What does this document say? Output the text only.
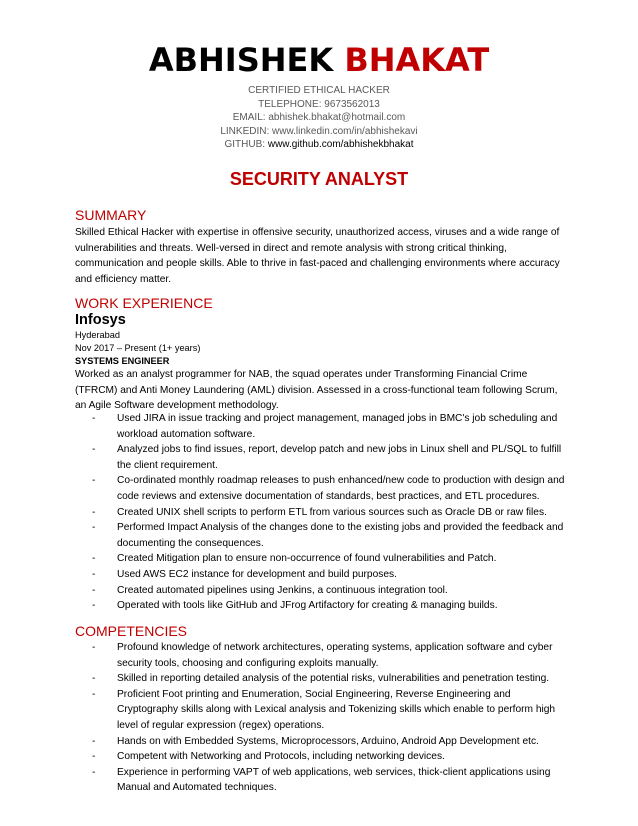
ABHISHEK BHAKAT
CERTIFIED ETHICAL HACKER
TELEPHONE: 9673562013
EMAIL: abhishek.bhakat@hotmail.com
LINKEDIN: www.linkedin.com/in/abhishekavi
GITHUB: www.github.com/abhishekbhakat
SECURITY ANALYST
SUMMARY
Skilled Ethical Hacker with expertise in offensive security, unauthorized access, viruses and a wide range of vulnerabilities and threats. Well-versed in direct and remote analysis with strong critical thinking, communication and people skills. Able to thrive in fast-paced and challenging environments where accuracy and efficiency matter.
WORK EXPERIENCE
Infosys
Hyderabad
Nov 2017 – Present (1+ years)
SYSTEMS ENGINEER
Worked as an analyst programmer for NAB, the squad operates under Transforming Financial Crime (TFRCM) and Anti Money Laundering (AML) division. Assessed in a cross-functional team following Scrum, an Agile Software development methodology.
- Used JIRA in issue tracking and project management, managed jobs in BMC's job scheduling and workload automation software.
- Analyzed jobs to find issues, report, develop patch and new jobs in Linux shell and PL/SQL to fulfill the client requirement.
- Co-ordinated monthly roadmap releases to push enhanced/new code to production with design and code reviews and extensive documentation of standards, best practices, and ETL procedures.
- Created UNIX shell scripts to perform ETL from various sources such as Oracle DB or raw files.
- Performed Impact Analysis of the changes done to the existing jobs and provided the feedback and documenting the consequences.
- Created Mitigation plan to ensure non-occurrence of found vulnerabilities and Patch.
- Used AWS EC2 instance for development and build purposes.
- Created automated pipelines using Jenkins, a continuous integration tool.
- Operated with tools like GitHub and JFrog Artifactory for creating & managing builds.
COMPETENCIES
- Profound knowledge of network architectures, operating systems, application software and cyber security tools, choosing and configuring exploits manually.
- Skilled in reporting detailed analysis of the potential risks, vulnerabilities and penetration testing.
- Proficient Foot printing and Enumeration, Social Engineering, Reverse Engineering and Cryptography skills along with Lexical analysis and Tokenizing skills which enable to perform high level of regular expression (regex) operations.
- Hands on with Embedded Systems, Microprocessors, Arduino, Android App Development etc.
- Competent with Networking and Protocols, including networking devices.
- Experience in performing VAPT of web applications, web services, thick-client applications using Manual and Automated techniques.
